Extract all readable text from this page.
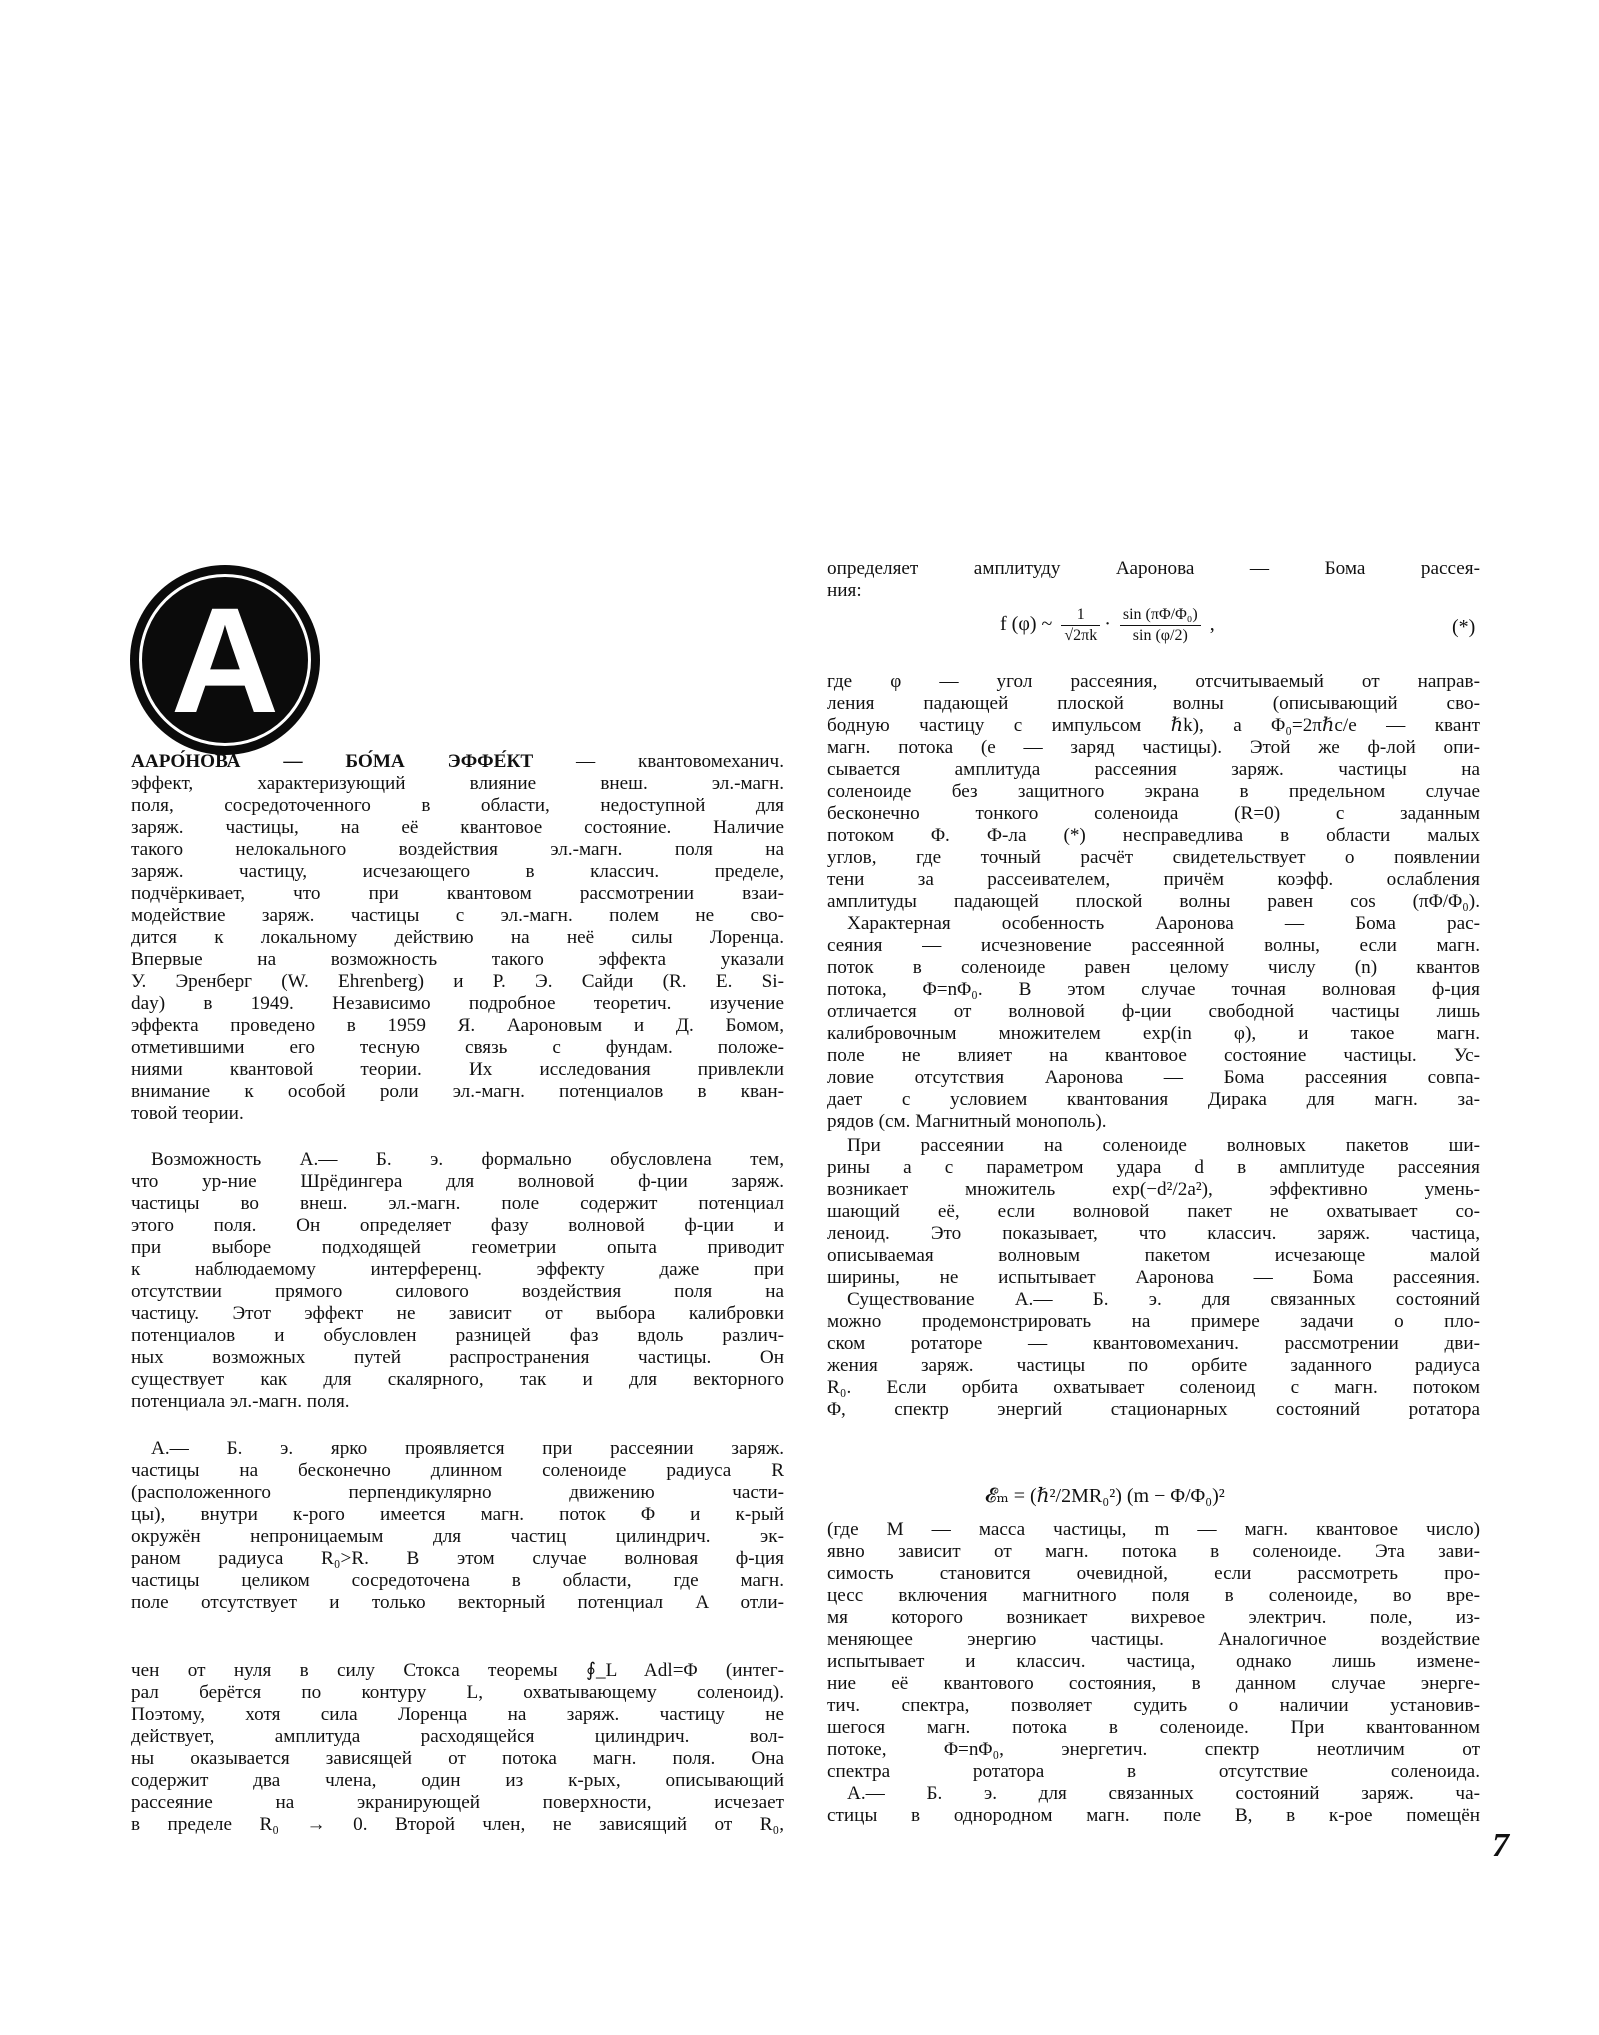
А
ААРО́НОВА — БО́МА ЭФФЕ́КТ — квантовомеханич.
эффект, характеризующий влияние внеш. эл.-магн.
поля, сосредоточенного в области, недоступной для
заряж. частицы, на её квантовое состояние. Наличие
такого нелокального воздействия эл.-магн. поля на
заряж. частицу, исчезающего в классич. пределе,
подчёркивает, что при квантовом рассмотрении взаи-
модействие заряж. частицы с эл.-магн. полем не сво-
дится к локальному действию на неё силы Лоренца.
Впервые на возможность такого эффекта указали
У. Эренберг (W. Ehrenberg) и Р. Э. Сайди (R. E. Si-
day) в 1949. Независимо подробное теоретич. изучение
эффекта проведено в 1959 Я. Аароновым и Д. Бомом,
отметившими его тесную связь с фундам. положе-
ниями квантовой теории. Их исследования привлекли
внимание к особой роли эл.-магн. потенциалов в кван-
товой теории.
Возможность А.— Б. э. формально обусловлена тем,
что ур-ние Шрёдингера для волновой ф-ции заряж.
частицы во внеш. эл.-магн. поле содержит потенциал
этого поля. Он определяет фазу волновой ф-ции и
при выборе подходящей геометрии опыта приводит
к наблюдаемому интерференц. эффекту даже при
отсутствии прямого силового воздействия поля на
частицу. Этот эффект не зависит от выбора калибровки
потенциалов и обусловлен разницей фаз вдоль различ-
ных возможных путей распространения частицы. Он
существует как для скалярного, так и для векторного
потенциала эл.-магн. поля.
А.— Б. э. ярко проявляется при рассеянии заряж.
частицы на бесконечно длинном соленоиде радиуса R
(расположенного перпендикулярно движению части-
цы), внутри к-рого имеется магн. поток Φ и к-рый
окружён непроницаемым для частиц цилиндрич. эк-
раном радиуса R₀>R. В этом случае волновая ф-ция
частицы целиком сосредоточена в области, где магн.
поле отсутствует и только векторный потенциал A отли-
чен от нуля в силу Стокса теоремы ∮_L Adl=Φ (интег-
рал берётся по контуру L, охватывающему соленоид).
Поэтому, хотя сила Лоренца на заряж. частицу не
действует, амплитуда расходящейся цилиндрич. вол-
ны оказывается зависящей от потока магн. поля. Она
содержит два члена, один из к-рых, описывающий
рассеяние на экранирующей поверхности, исчезает
в пределе R₀ → 0. Второй член, не зависящий от R₀,
определяет амплитуду Ааронова — Бома рассея-
ния:
где φ — угол рассеяния, отсчитываемый от направ-
ления падающей плоской волны (описывающий сво-
бодную частицу с импульсом ℏk), а Φ₀=2πℏc/e — квант
магн. потока (e — заряд частицы). Этой же ф-лой опи-
сывается амплитуда рассеяния заряж. частицы на
соленоиде без защитного экрана в предельном случае
бесконечно тонкого соленоида (R=0) с заданным
потоком Φ. Ф-ла (*) несправедлива в области малых
углов, где точный расчёт свидетельствует о появлении
тени за рассеивателем, причём коэфф. ослабления
амплитуды падающей плоской волны равен cos (πΦ/Φ₀).
Характерная особенность Ааронова — Бома рас-
сеяния — исчезновение рассеянной волны, если магн.
поток в соленоиде равен целому числу (n) квантов
потока, Φ=nΦ₀. В этом случае точная волновая ф-ция
отличается от волновой ф-ции свободной частицы лишь
калибровочным множителем exp(in φ), и такое магн.
поле не влияет на квантовое состояние частицы. Ус-
ловие отсутствия Ааронова — Бома рассеяния совпа-
дает с условием квантования Дирака для магн. за-
рядов (см. Магнитный монополь).
При рассеянии на соленоиде волновых пакетов ши-
рины a с параметром удара d в амплитуде рассеяния
возникает множитель exp(−d²/2a²), эффективно умень-
шающий её, если волновой пакет не охватывает со-
леноид. Это показывает, что классич. заряж. частица,
описываемая волновым пакетом исчезающе малой
ширины, не испытывает Ааронова — Бома рассеяния.
Существование А.— Б. э. для связанных состояний
можно продемонстрировать на примере задачи о пло-
ском ротаторе — квантовомеханич. рассмотрении дви-
жения заряж. частицы по орбите заданного радиуса
R₀. Если орбита охватывает соленоид с магн. потоком
Φ, спектр энергий стационарных состояний ротатора
(где M — масса частицы, m — магн. квантовое число)
явно зависит от магн. потока в соленоиде. Эта зави-
симость становится очевидной, если рассмотреть про-
цесс включения магнитного поля в соленоиде, во вре-
мя которого возникает вихревое электрич. поле, из-
меняющее энергию частицы. Аналогичное воздействие
испытывает и классич. частица, однако лишь измене-
ние её квантового состояния, в данном случае энерге-
тич. спектра, позволяет судить о наличии установив-
шегося магн. потока в соленоиде. При квантованном
потоке, Φ=nΦ₀, энергетич. спектр неотличим от
спектра ротатора в отсутствие соленоида.
А.— Б. э. для связанных состояний заряж. ча-
стицы в однородном магн. поле B, в к-рое помещён
f (φ) ~ $\frac{1}{√2\pi k} \cdot \frac{\text{sin (πΦ/Φ₀)}}{\sin (\varphi/2)}$ ,	(*)
𝓔ₘ = (ℏ²/2MR₀²) (m − Φ/Φ₀)²
7
